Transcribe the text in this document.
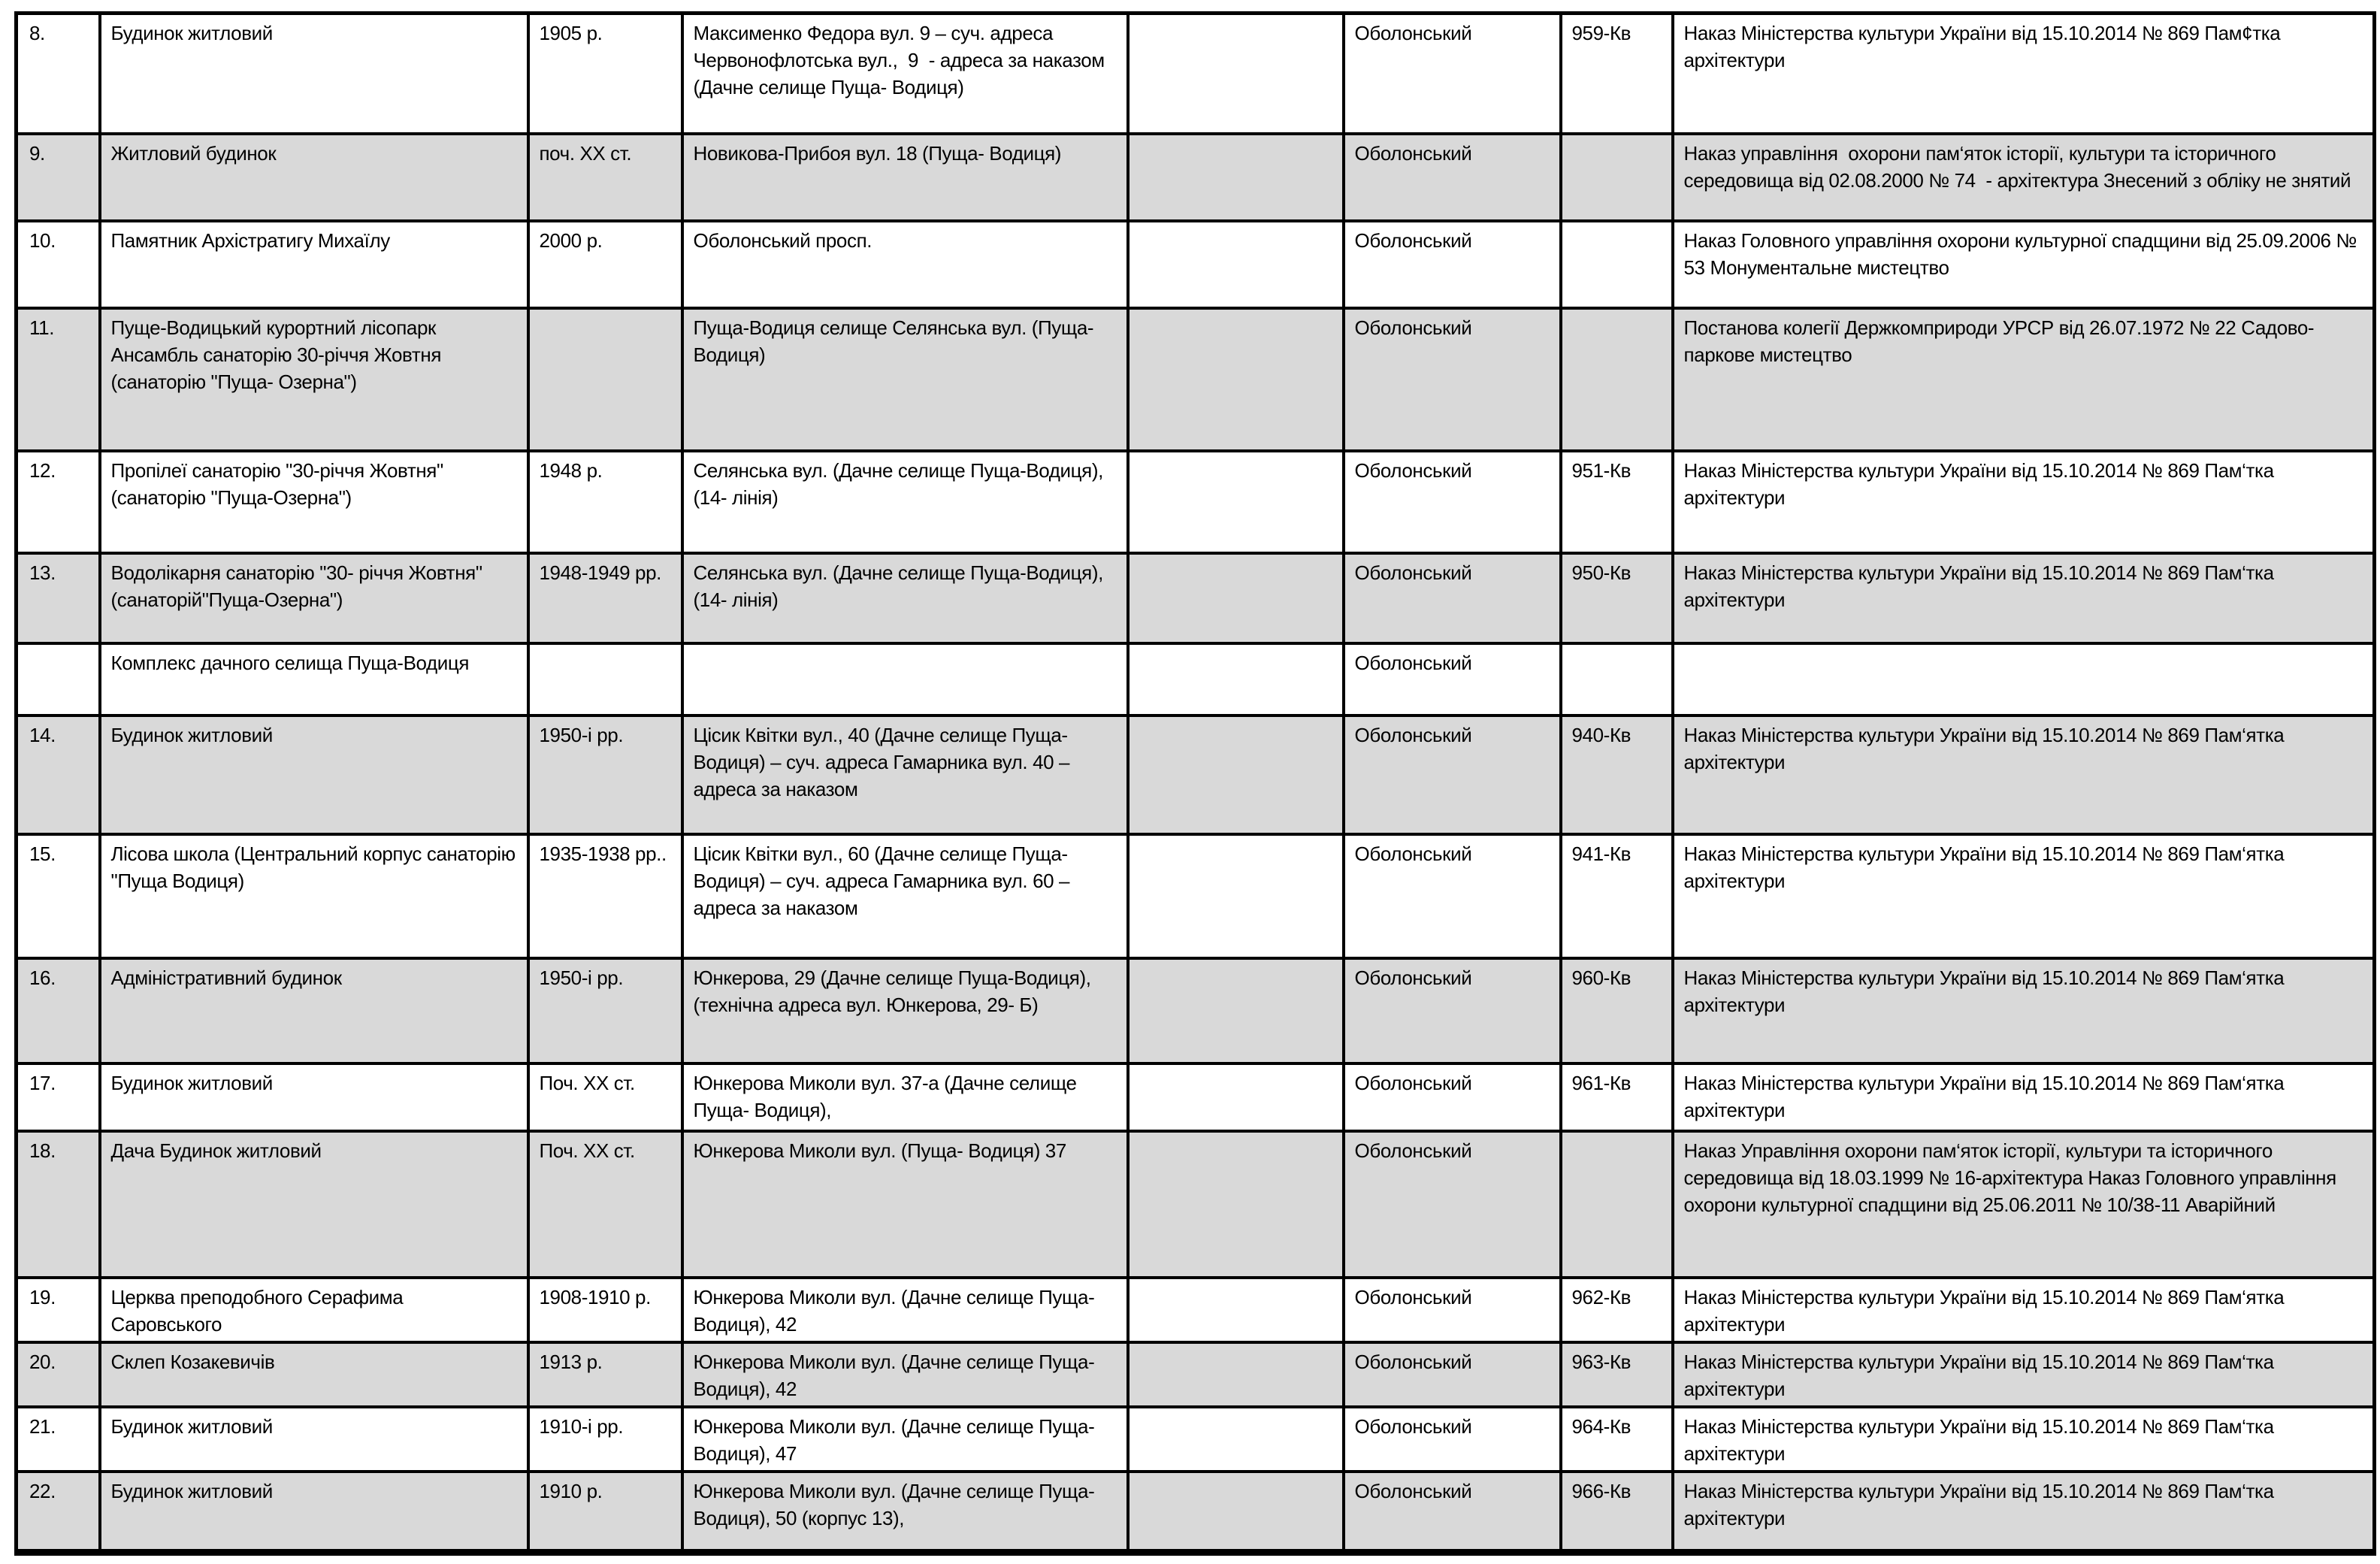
8.	Будинок житловий	1905 р.	Максименко Федора вул. 9 – суч. адреса Червонофлотська вул.,  9  - адреса за наказом (Дачне селище Пуща- Водиця)		Оболонський	959-Кв	Наказ Міністерства культури України від 15.10.2014 № 869 Пам¢тка архітектури
9.	Житловий будинок	поч. ХХ ст.	Новикова-Прибоя вул. 18 (Пуща- Водиця)		Оболонський		Наказ управління  охорони пам‘яток історії, культури та історичного середовища від 02.08.2000 № 74  - архітектура Знесений з обліку не знятий
10.	Памятник Архістратигу Михаїлу	2000 р.	Оболонський просп.		Оболонський		Наказ Головного управління охорони культурної спадщини від 25.09.2006 № 53 Монументальне мистецтво
11.	Пуще-Водицький курортний лісопарк Ансамбль санаторію 30-річчя Жовтня (санаторію "Пуща- Озерна")		Пуща-Водиця селище Селянська вул. (Пуща-Водиця)		Оболонський		Постанова колегії Держкомприроди УРСР від 26.07.1972 № 22 Садово-паркове мистецтво
12.	Пропілеї санаторію "30-річчя Жовтня" (санаторію "Пуща-Озерна")	1948 р.	Селянська вул. (Дачне селище Пуща-Водиця), (14- лінія)		Оболонський	951-Кв	Наказ Міністерства культури України від 15.10.2014 № 869 Пам‘тка архітектури
13.	Водолікарня санаторію "30- річчя Жовтня" (санаторій"Пуща-Озерна")	1948-1949 рр.	Селянська вул. (Дачне селище Пуща-Водиця), (14- лінія)		Оболонський	950-Кв	Наказ Міністерства культури України від 15.10.2014 № 869 Пам‘тка архітектури
	Комплекс дачного селища Пуща-Водиця				Оболонський		
14.	Будинок житловий	1950-і рр.	Цісик Квітки вул., 40 (Дачне селище Пуща-Водиця) – суч. адреса Гамарника вул. 40 – адреса за наказом		Оболонський	940-Кв	Наказ Міністерства культури України від 15.10.2014 № 869 Пам‘ятка архітектури
15.	Лісова школа (Центральний корпус санаторію "Пуща Водиця)	1935-1938 рр..	Цісик Квітки вул., 60 (Дачне селище Пуща-Водиця) – суч. адреса Гамарника вул. 60 – адреса за наказом		Оболонський	941-Кв	Наказ Міністерства культури України від 15.10.2014 № 869 Пам‘ятка архітектури
16.	Адміністративний будинок	1950-і рр.	Юнкерова, 29 (Дачне селище Пуща-Водиця), (технічна адреса вул. Юнкерова, 29- Б)		Оболонський	960-Кв	Наказ Міністерства культури України від 15.10.2014 № 869 Пам‘ятка архітектури
17.	Будинок житловий	Поч. ХХ ст.	Юнкерова Миколи вул. 37-а (Дачне селище Пуща- Водиця),		Оболонський	961-Кв	Наказ Міністерства культури України від 15.10.2014 № 869 Пам‘ятка архітектури
18.	Дача Будинок житловий	Поч. ХХ ст.	Юнкерова Миколи вул. (Пуща- Водиця) 37		Оболонський		Наказ Управління охорони пам‘яток історії, культури та історичного середовища від 18.03.1999 № 16-архітектура Наказ Головного управління охорони культурної спадщини від 25.06.2011 № 10/38-11 Аварійний
19.	Церква преподобного Серафима Саровського	1908-1910 р.	Юнкерова Миколи вул. (Дачне селище Пуща-Водиця), 42		Оболонський	962-Кв	Наказ Міністерства культури України від 15.10.2014 № 869 Пам‘ятка архітектури
20.	Склеп Козакевичів	1913 р.	Юнкерова Миколи вул. (Дачне селище Пуща-Водиця), 42		Оболонський	963-Кв	Наказ Міністерства культури України від 15.10.2014 № 869 Пам‘тка архітектури
21.	Будинок житловий	1910-і рр.	Юнкерова Миколи вул. (Дачне селище Пуща-Водиця), 47		Оболонський	964-Кв	Наказ Міністерства культури України від 15.10.2014 № 869 Пам‘тка архітектури
22.	Будинок житловий	1910 р.	Юнкерова Миколи вул. (Дачне селище Пуща-Водиця), 50 (корпус 13),		Оболонський	966-Кв	Наказ Міністерства культури України від 15.10.2014 № 869 Пам‘тка архітектури
